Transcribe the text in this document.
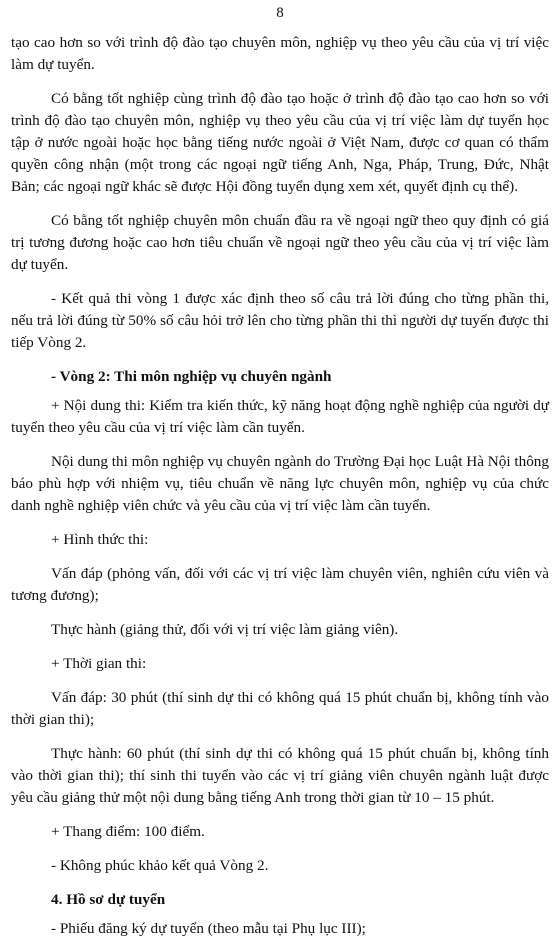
8

tạo cao hơn so với trình độ đào tạo chuyên môn, nghiệp vụ theo yêu cầu của vị trí việc làm dự tuyển.

Có bằng tốt nghiệp cùng trình độ đào tạo hoặc ở trình độ đào tạo cao hơn so với trình độ đào tạo chuyên môn, nghiệp vụ theo yêu cầu của vị trí việc làm dự tuyển học tập ở nước ngoài hoặc học bằng tiếng nước ngoài ở Việt Nam, được cơ quan có thẩm quyền công nhận (một trong các ngoại ngữ tiếng Anh, Nga, Pháp, Trung, Đức, Nhật Bản; các ngoại ngữ khác sẽ được Hội đồng tuyển dụng xem xét, quyết định cụ thể).

Có bằng tốt nghiệp chuyên môn chuẩn đầu ra về ngoại ngữ theo quy định có giá trị tương đương hoặc cao hơn tiêu chuẩn về ngoại ngữ theo yêu cầu của vị trí việc làm dự tuyển.

- Kết quả thi vòng 1 được xác định theo số câu trả lời đúng cho từng phần thi, nếu trả lời đúng từ 50% số câu hỏi trở lên cho từng phần thi thì người dự tuyển được thi tiếp Vòng 2.

- Vòng 2: Thi môn nghiệp vụ chuyên ngành

+ Nội dung thi: Kiểm tra kiến thức, kỹ năng hoạt động nghề nghiệp của người dự tuyển theo yêu cầu của vị trí việc làm cần tuyển.

Nội dung thi môn nghiệp vụ chuyên ngành do Trường Đại học Luật Hà Nội thông báo phù hợp với nhiệm vụ, tiêu chuẩn về năng lực chuyên môn, nghiệp vụ của chức danh nghề nghiệp viên chức và yêu cầu của vị trí việc làm cần tuyển.

+ Hình thức thi:

Vấn đáp (phỏng vấn, đối với các vị trí việc làm chuyên viên, nghiên cứu viên và tương đương);

Thực hành (giảng thử, đối với vị trí việc làm giảng viên).

+ Thời gian thi:

Vấn đáp: 30 phút (thí sinh dự thi có không quá 15 phút chuẩn bị, không tính vào thời gian thi);

Thực hành: 60 phút (thí sinh dự thi có không quá 15 phút chuẩn bị, không tính vào thời gian thi); thí sinh thi tuyển vào các vị trí giảng viên chuyên ngành luật được yêu cầu giảng thử một nội dung bằng tiếng Anh trong thời gian từ 10 – 15 phút.

+ Thang điểm: 100 điểm.

- Không phúc khảo kết quả Vòng 2.

4. Hồ sơ dự tuyển

- Phiếu đăng ký dự tuyển (theo mẫu tại Phụ lục III);
